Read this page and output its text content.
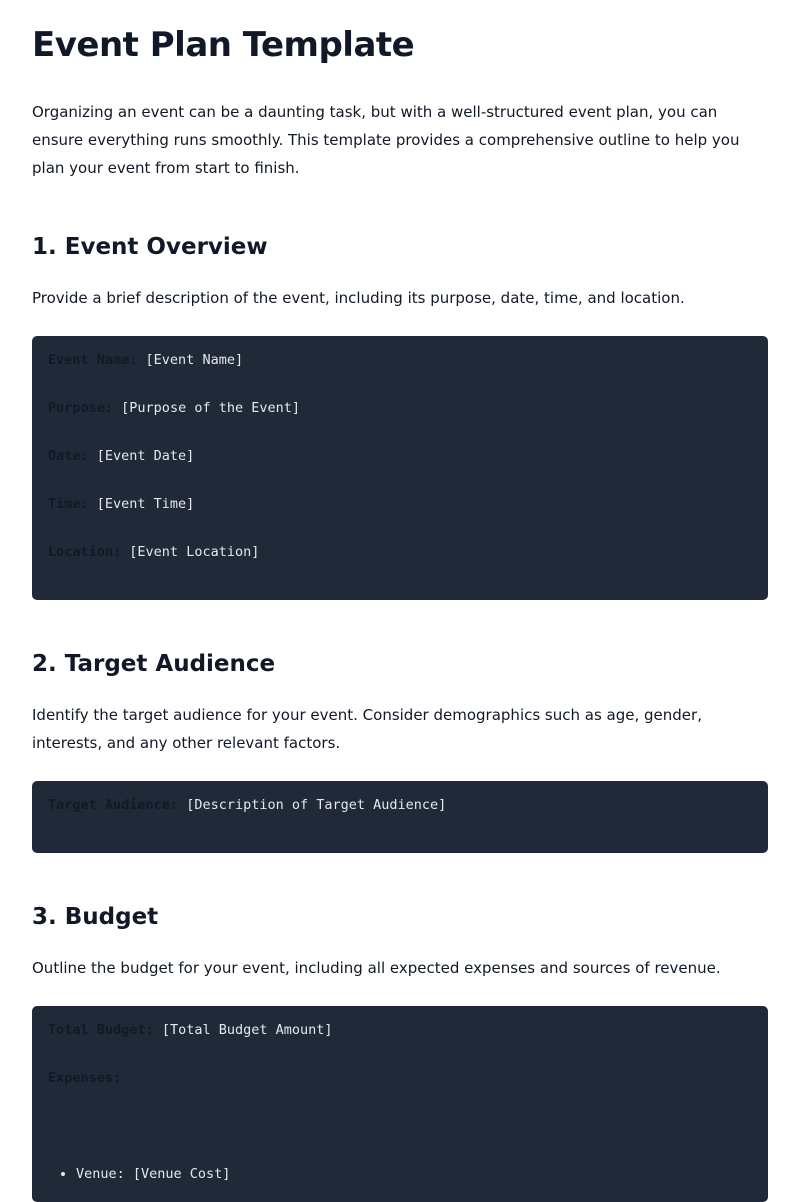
Event Plan Template

Organizing an event can be a daunting task, but with a well-structured event plan, you can ensure everything runs smoothly. This template provides a comprehensive outline to help you plan your event from start to finish.

1. Event Overview

Provide a brief description of the event, including its purpose, date, time, and location.

Event Name: [Event Name]
Purpose: [Purpose of the Event]
Date: [Event Date]
Time: [Event Time]
Location: [Event Location]
2. Target Audience

Identify the target audience for your event. Consider demographics such as age, gender, interests, and any other relevant factors.

Target Audience: [Description of Target Audience]
3. Budget

Outline the budget for your event, including all expected expenses and sources of revenue.

Total Budget: [Total Budget Amount]
Expenses:
• Venue: [Venue Cost]
